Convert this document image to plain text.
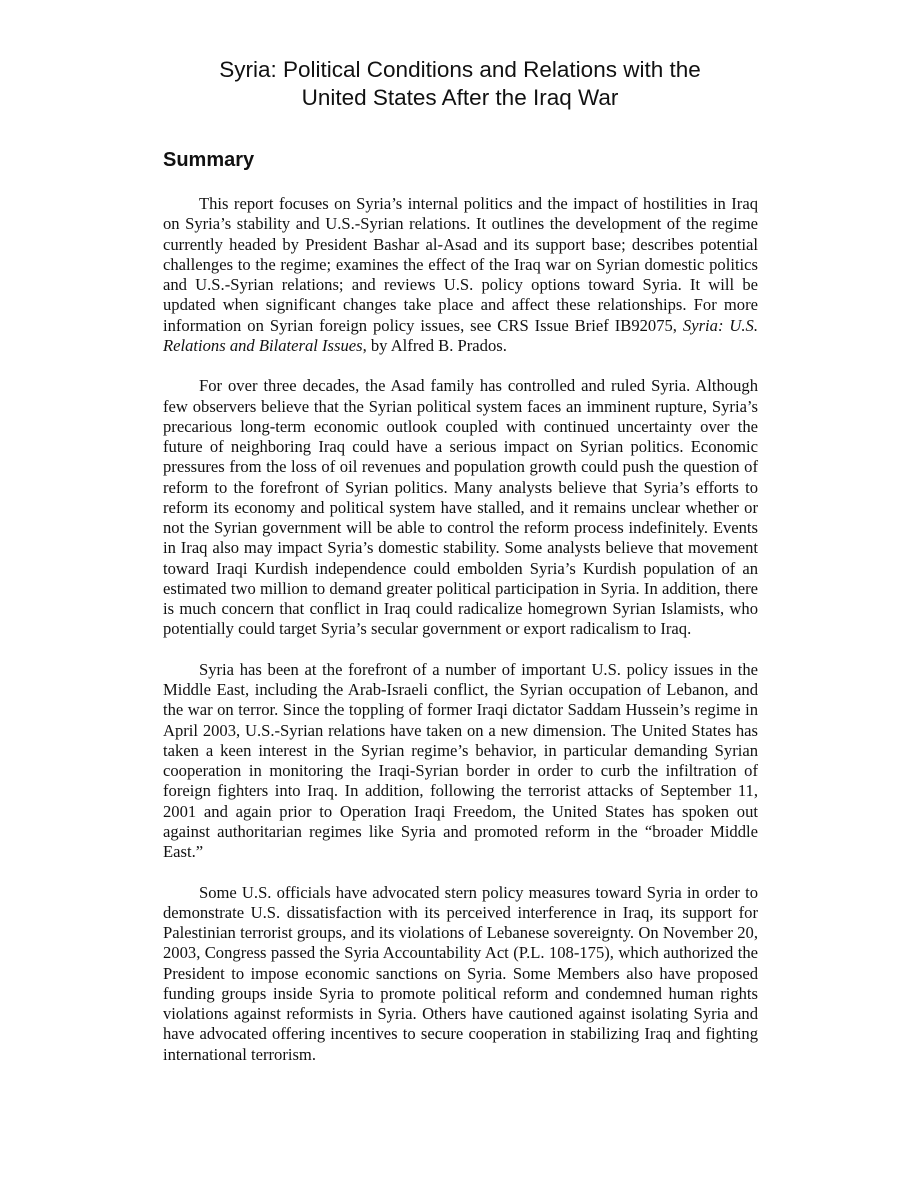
Syria: Political Conditions and Relations with the
United States After the Iraq War
Summary

This report focuses on Syria’s internal politics and the impact of hostilities in Iraq on Syria’s stability and U.S.-Syrian relations. It outlines the development of the regime currently headed by President Bashar al-Asad and its support base; describes potential challenges to the regime; examines the effect of the Iraq war on Syrian domestic politics and U.S.-Syrian relations; and reviews U.S. policy options toward Syria. It will be updated when significant changes take place and affect these relationships. For more information on Syrian foreign policy issues, see CRS Issue Brief IB92075, Syria: U.S. Relations and Bilateral Issues, by Alfred B. Prados.

For over three decades, the Asad family has controlled and ruled Syria. Although few observers believe that the Syrian political system faces an imminent rupture, Syria’s precarious long-term economic outlook coupled with continued uncertainty over the future of neighboring Iraq could have a serious impact on Syrian politics. Economic pressures from the loss of oil revenues and population growth could push the question of reform to the forefront of Syrian politics. Many analysts believe that Syria’s efforts to reform its economy and political system have stalled, and it remains unclear whether or not the Syrian government will be able to control the reform process indefinitely. Events in Iraq also may impact Syria’s domestic stability. Some analysts believe that movement toward Iraqi Kurdish independence could embolden Syria’s Kurdish population of an estimated two million to demand greater political participation in Syria. In addition, there is much concern that conflict in Iraq could radicalize homegrown Syrian Islamists, who potentially could target Syria’s secular government or export radicalism to Iraq.

Syria has been at the forefront of a number of important U.S. policy issues in the Middle East, including the Arab-Israeli conflict, the Syrian occupation of Lebanon, and the war on terror. Since the toppling of former Iraqi dictator Saddam Hussein’s regime in April 2003, U.S.-Syrian relations have taken on a new dimension. The United States has taken a keen interest in the Syrian regime’s behavior, in particular demanding Syrian cooperation in monitoring the Iraqi-Syrian border in order to curb the infiltration of foreign fighters into Iraq. In addition, following the terrorist attacks of September 11, 2001 and again prior to Operation Iraqi Freedom, the United States has spoken out against authoritarian regimes like Syria and promoted reform in the “broader Middle East.”

Some U.S. officials have advocated stern policy measures toward Syria in order to demonstrate U.S. dissatisfaction with its perceived interference in Iraq, its support for Palestinian terrorist groups, and its violations of Lebanese sovereignty. On November 20, 2003, Congress passed the Syria Accountability Act (P.L. 108-175), which authorized the President to impose economic sanctions on Syria. Some Members also have proposed funding groups inside Syria to promote political reform and condemned human rights violations against reformists in Syria. Others have cautioned against isolating Syria and have advocated offering incentives to secure cooperation in stabilizing Iraq and fighting international terrorism.
